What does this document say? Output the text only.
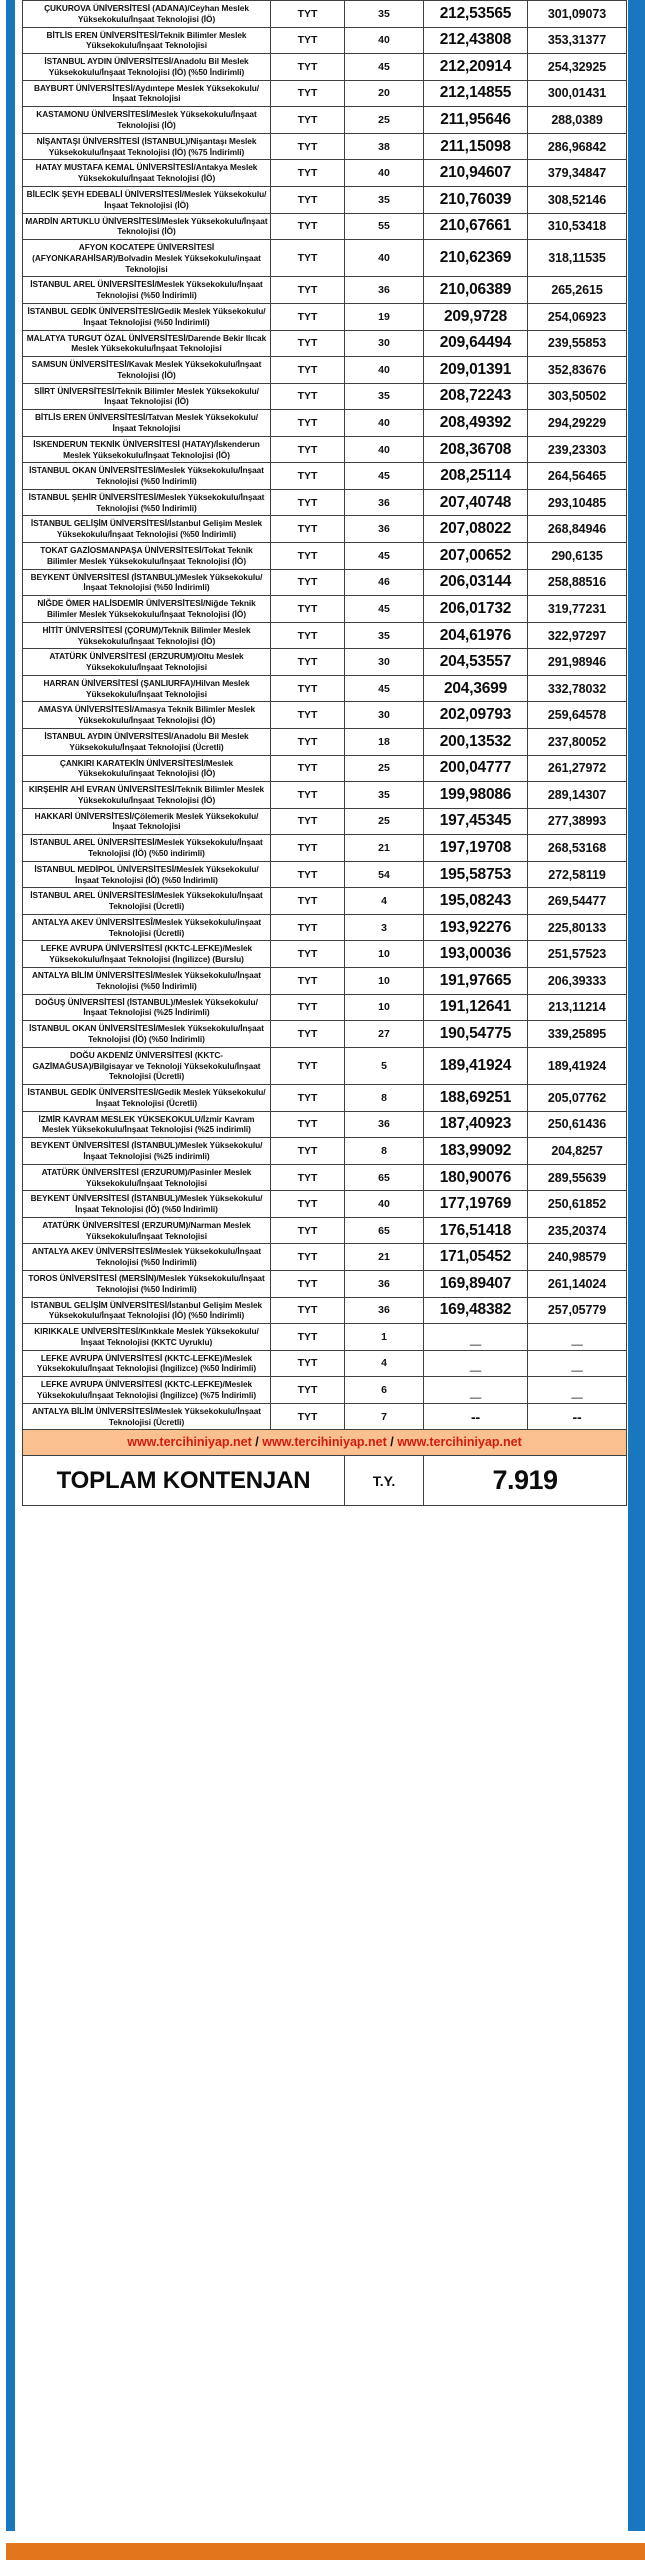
ÇUKUROVA ÜNİVERSİTESİ (ADANA)/Ceyhan Meslek Yüksekokulu/İnşaat Teknolojisi (İÖ)	TYT	35	212,53565	301,09073
BİTLİS EREN ÜNİVERSİTESİ/Teknik Bilimler Meslek Yüksekokulu/İnşaat Teknolojisi	TYT	40	212,43808	353,31377
İSTANBUL AYDIN ÜNİVERSİTESİ/Anadolu Bil Meslek Yüksekokulu/İnşaat Teknolojisi (İÖ) (%50 İndirimli)	TYT	45	212,20914	254,32925
BAYBURT ÜNİVERSİTESİ/Aydıntepe Meslek Yüksekokulu/İnşaat Teknolojisi	TYT	20	212,14855	300,01431
KASTAMONU ÜNİVERSİTESİ/Meslek Yüksekokulu/İnşaat Teknolojisi (İÖ)	TYT	25	211,95646	288,0389
NİŞANTAŞI ÜNİVERSİTESİ (İSTANBUL)/Nişantaşı Meslek Yüksekokulu/İnşaat Teknolojisi (İÖ) (%75 İndirimli)	TYT	38	211,15098	286,96842
HATAY MUSTAFA KEMAL ÜNİVERSİTESİ/Antakya Meslek Yüksekokulu/İnşaat Teknolojisi (İÖ)	TYT	40	210,94607	379,34847
BİLECİK ŞEYH EDEBALİ ÜNİVERSİTESİ/Meslek Yüksekokulu/İnşaat Teknolojisi (İÖ)	TYT	35	210,76039	308,52146
MARDİN ARTUKLU ÜNİVERSİTESİ/Meslek Yüksekokulu/İnşaat Teknolojisi (İÖ)	TYT	55	210,67661	310,53418
AFYON KOCATEPE ÜNİVERSİTESİ (AFYONKARAHİSAR)/Bolvadin Meslek Yüksekokulu/inşaat Teknolojisi	TYT	40	210,62369	318,11535
İSTANBUL AREL ÜNİVERSİTESİ/Meslek Yüksekokulu/İnşaat Teknolojisi (%50 İndirimli)	TYT	36	210,06389	265,2615
İSTANBUL GEDİK ÜNİVERSİTESİ/Gedik Meslek Yüksekokulu/İnşaat Teknolojisi (%50 İndirimli)	TYT	19	209,9728	254,06923
MALATYA TURGUT ÖZAL ÜNİVERSİTESİ/Darende Bekir Ilıcak Meslek Yüksekokulu/İnşaat Teknolojisi	TYT	30	209,64494	239,55853
SAMSUN ÜNİVERSİTESİ/Kavak Meslek Yüksekokulu/İnşaat Teknolojisi (İÖ)	TYT	40	209,01391	352,83676
SİİRT ÜNİVERSİTESİ/Teknik Bilimler Meslek Yüksekokulu/İnşaat Teknolojisi (İÖ)	TYT	35	208,72243	303,50502
BİTLİS EREN ÜNİVERSİTESİ/Tatvan Meslek Yüksekokulu/İnşaat Teknolojisi	TYT	40	208,49392	294,29229
İSKENDERUN TEKNİK ÜNİVERSİTESİ (HATAY)/İskenderun Meslek Yüksekokulu/İnşaat Teknolojisi (İÖ)	TYT	40	208,36708	239,23303
İSTANBUL OKAN ÜNİVERSİTESİ/Meslek Yüksekokulu/İnşaat Teknolojisi (%50 İndirimli)	TYT	45	208,25114	264,56465
İSTANBUL ŞEHİR ÜNİVERSİTESİ/Meslek Yüksekokulu/İnşaat Teknolojisi (%50 İndirimli)	TYT	36	207,40748	293,10485
İSTANBUL GELİŞİM ÜNİVERSİTESİ/İstanbul Gelişim Meslek Yüksekokulu/İnşaat Teknolojisi (%50 İndirimli)	TYT	36	207,08022	268,84946
TOKAT GAZİOSMANPAŞA ÜNİVERSİTESİ/Tokat Teknik Bilimler Meslek Yüksekokulu/İnşaat Teknolojisi (İÖ)	TYT	45	207,00652	290,6135
BEYKENT ÜNİVERSİTESİ (İSTANBUL)/Meslek Yüksekokulu/İnşaat Teknolojisi (%50 İndirimli)	TYT	46	206,03144	258,88516
NİĞDE ÖMER HALİSDEMİR ÜNİVERSİTESİ/Niğde Teknik Bilimler Meslek Yüksekokulu/İnşaat Teknolojisi (İÖ)	TYT	45	206,01732	319,77231
HİTİT ÜNİVERSİTESİ (ÇORUM)/Teknik Bilimler Meslek Yüksekokulu/İnşaat Teknolojisi (İÖ)	TYT	35	204,61976	322,97297
ATATÜRK ÜNİVERSİTESİ (ERZURUM)/Oltu Meslek Yüksekokulu/İnşaat Teknolojisi	TYT	30	204,53557	291,98946
HARRAN ÜNİVERSİTESİ (ŞANLIURFA)/Hilvan Meslek Yüksekokulu/İnşaat Teknolojisi	TYT	45	204,3699	332,78032
AMASYA ÜNİVERSİTESİ/Amasya Teknik Bilimler Meslek Yüksekokulu/İnşaat Teknolojisi (İÖ)	TYT	30	202,09793	259,64578
İSTANBUL AYDIN ÜNİVERSİTESİ/Anadolu Bil Meslek Yüksekokulu/İnşaat Teknolojisi (Ücretli)	TYT	18	200,13532	237,80052
ÇANKIRI KARATEKİN ÜNİVERSİTESİ/Meslek Yüksekokulu/inşaat Teknolojisi (İÖ)	TYT	25	200,04777	261,27972
KIRŞEHİR AHİ EVRAN ÜNİVERSİTESİ/Teknik Bilimler Meslek Yüksekokulu/İnşaat Teknolojisi (İÖ)	TYT	35	199,98086	289,14307
HAKKARİ ÜNİVERSİTESİ/Çölemerik Meslek Yüksekokulu/İnşaat Teknolojisi	TYT	25	197,45345	277,38993
İSTANBUL AREL ÜNİVERSİTESİ/Meslek Yüksekokulu/İnşaat Teknolojisi (İÖ) (%50 indirimli)	TYT	21	197,19708	268,53168
İSTANBUL MEDİPOL ÜNİVERSİTESİ/Meslek Yüksekokulu/İnşaat Teknolojisi (İÖ) (%50 İndirimli)	TYT	54	195,58753	272,58119
İSTANBUL AREL ÜNİVERSİTESİ/Meslek Yüksekokulu/İnşaat Teknolojisi (Ücretli)	TYT	4	195,08243	269,54477
ANTALYA AKEV ÜNİVERSİTESÎ/Meslek Yüksekokulu/inşaat Teknolojisi (Ücretli)	TYT	3	193,92276	225,80133
LEFKE AVRUPA ÜNİVERSİTESİ (KKTC-LEFKE)/Meslek Yüksekokulu/İnşaat Teknolojisi (İngilizce) (Burslu)	TYT	10	193,00036	251,57523
ANTALYA BİLİM ÜNİVERSİTESİ/Meslek Yüksekokulu/İnşaat Teknolojisi (%50 İndirimli)	TYT	10	191,97665	206,39333
DOĞUŞ ÜNİVERSİTESİ (İSTANBUL)/Meslek Yüksekokulu/İnşaat Teknolojisi (%25 İndirimli)	TYT	10	191,12641	213,11214
İSTANBUL OKAN ÜNİVERSİTESİ/Meslek Yüksekokulu/İnşaat Teknolojisi (İÖ) (%50 İndirimli)	TYT	27	190,54775	339,25895
DOĞU AKDENİZ ÜNİVERSİTESİ (KKTC-GAZİMAĞUSA)/Bilgisayar ve Teknoloji Yüksekokulu/İnşaat Teknolojisi (Ücretli)	TYT	5	189,41924	189,41924
İSTANBUL GEDİK ÜNİVERSİTESİ/Gedik Meslek Yüksekokulu/İnşaat Teknolojisi (Ücretli)	TYT	8	188,69251	205,07762
İZMİR KAVRAM MESLEK YÜKSEKOKULU/İzmir Kavram Meslek Yüksekokulu/İnşaat Teknolojisi (%25 indirimli)	TYT	36	187,40923	250,61436
BEYKENT ÜNİVERSİTESİ (İSTANBUL)/Meslek Yüksekokulu/İnşaat Teknolojisi (%25 indirimli)	TYT	8	183,99092	204,8257
ATATÜRK ÜNİVERSİTESİ (ERZURUM)/Pasinler Meslek Yüksekokulu/İnşaat Teknolojisi	TYT	65	180,90076	289,55639
BEYKENT ÜNİVERSİTESİ (İSTANBUL)/Meslek Yüksekokulu/İnşaat Teknolojisi (İÖ) (%50 İndirimli)	TYT	40	177,19769	250,61852
ATATÜRK ÜNİVERSİTESİ (ERZURUM)/Narman Meslek Yüksekokulu/İnşaat Teknolojisi	TYT	65	176,51418	235,20374
ANTALYA AKEV ÜNİVERSİTESİ/Meslek Yüksekokulu/İnşaat Teknolojisi (%50 İndirimli)	TYT	21	171,05452	240,98579
TOROS ÜNİVERSİTESİ (MERSİN)/Meslek Yüksekokulu/İnşaat Teknolojisi (%50 İndirimli)	TYT	36	169,89407	261,14024
İSTANBUL GELİŞİM ÜNİVERSİTESİ/İstanbul Gelişim Meslek Yüksekokulu/İnşaat Teknolojisi (İÖ) (%50 İndirimli)	TYT	36	169,48382	257,05779
KIRIKKALE UNİVERSİTESİ/Kınkkale Meslek Yüksekokulu/İnşaat Teknolojisi (KKTC Uyruklu)	TYT	1	_	_
LEFKE AVRUPA ÜNİVERSİTESİ (KKTC-LEFKE)/Meslek Yüksekokulu/İnşaat Teknolojisi (İngilizce) (%50 İndirimli)	TYT	4	_	_
LEFKE AVRUPA ÜNİVERSİTESİ (KKTC-LEFKE)/Meslek Yüksekokulu/İnşaat Teknolojisi (İngilizce) (%75 İndirimli)	TYT	6	_	_
ANTALYA BİLİM ÜNİVERSİTESİ/Meslek Yüksekokulu/İnşaat Teknolojisi (Ücretli)	TYT	7	--	--
www.tercihiniyap.net / www.tercihiniyap.net / www.tercihiniyap.net				
TOPLAM KONTENJAN		T.Y.	7.919	
